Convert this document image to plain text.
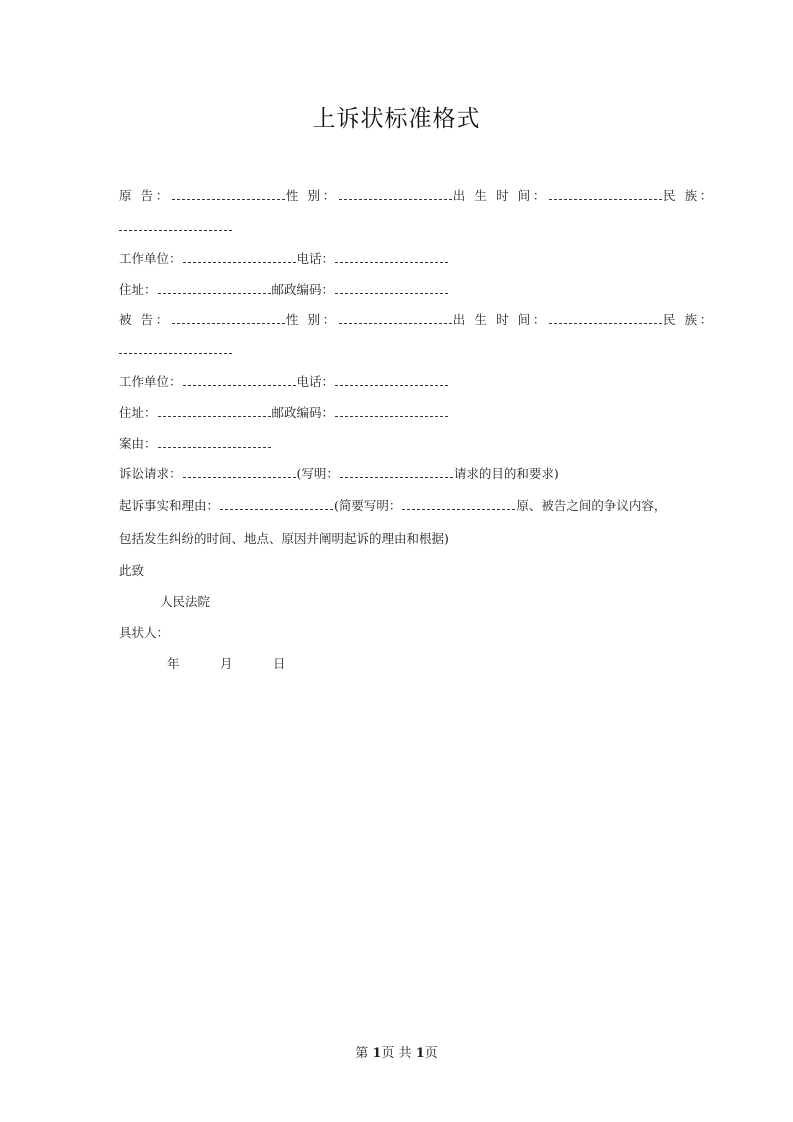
上诉状标准格式
原 告：	性 别：	出 生 时 间：	民 族：
工作单位：	电话：
住址：	邮政编码：
被 告：	性 别：	出 生 时 间：	民 族：
工作单位：	电话：
住址：	邮政编码：
案由：
诉讼请求：	(写明：	请求的目的和要求)
起诉事实和理由：	(简要写明：	原、被告之间的争议内容，
包括发生纠纷的时间、地点、原因并阐明起诉的理由和根据)
此致
人民法院
具状人：
年	月	日
第 1页 共 1页
